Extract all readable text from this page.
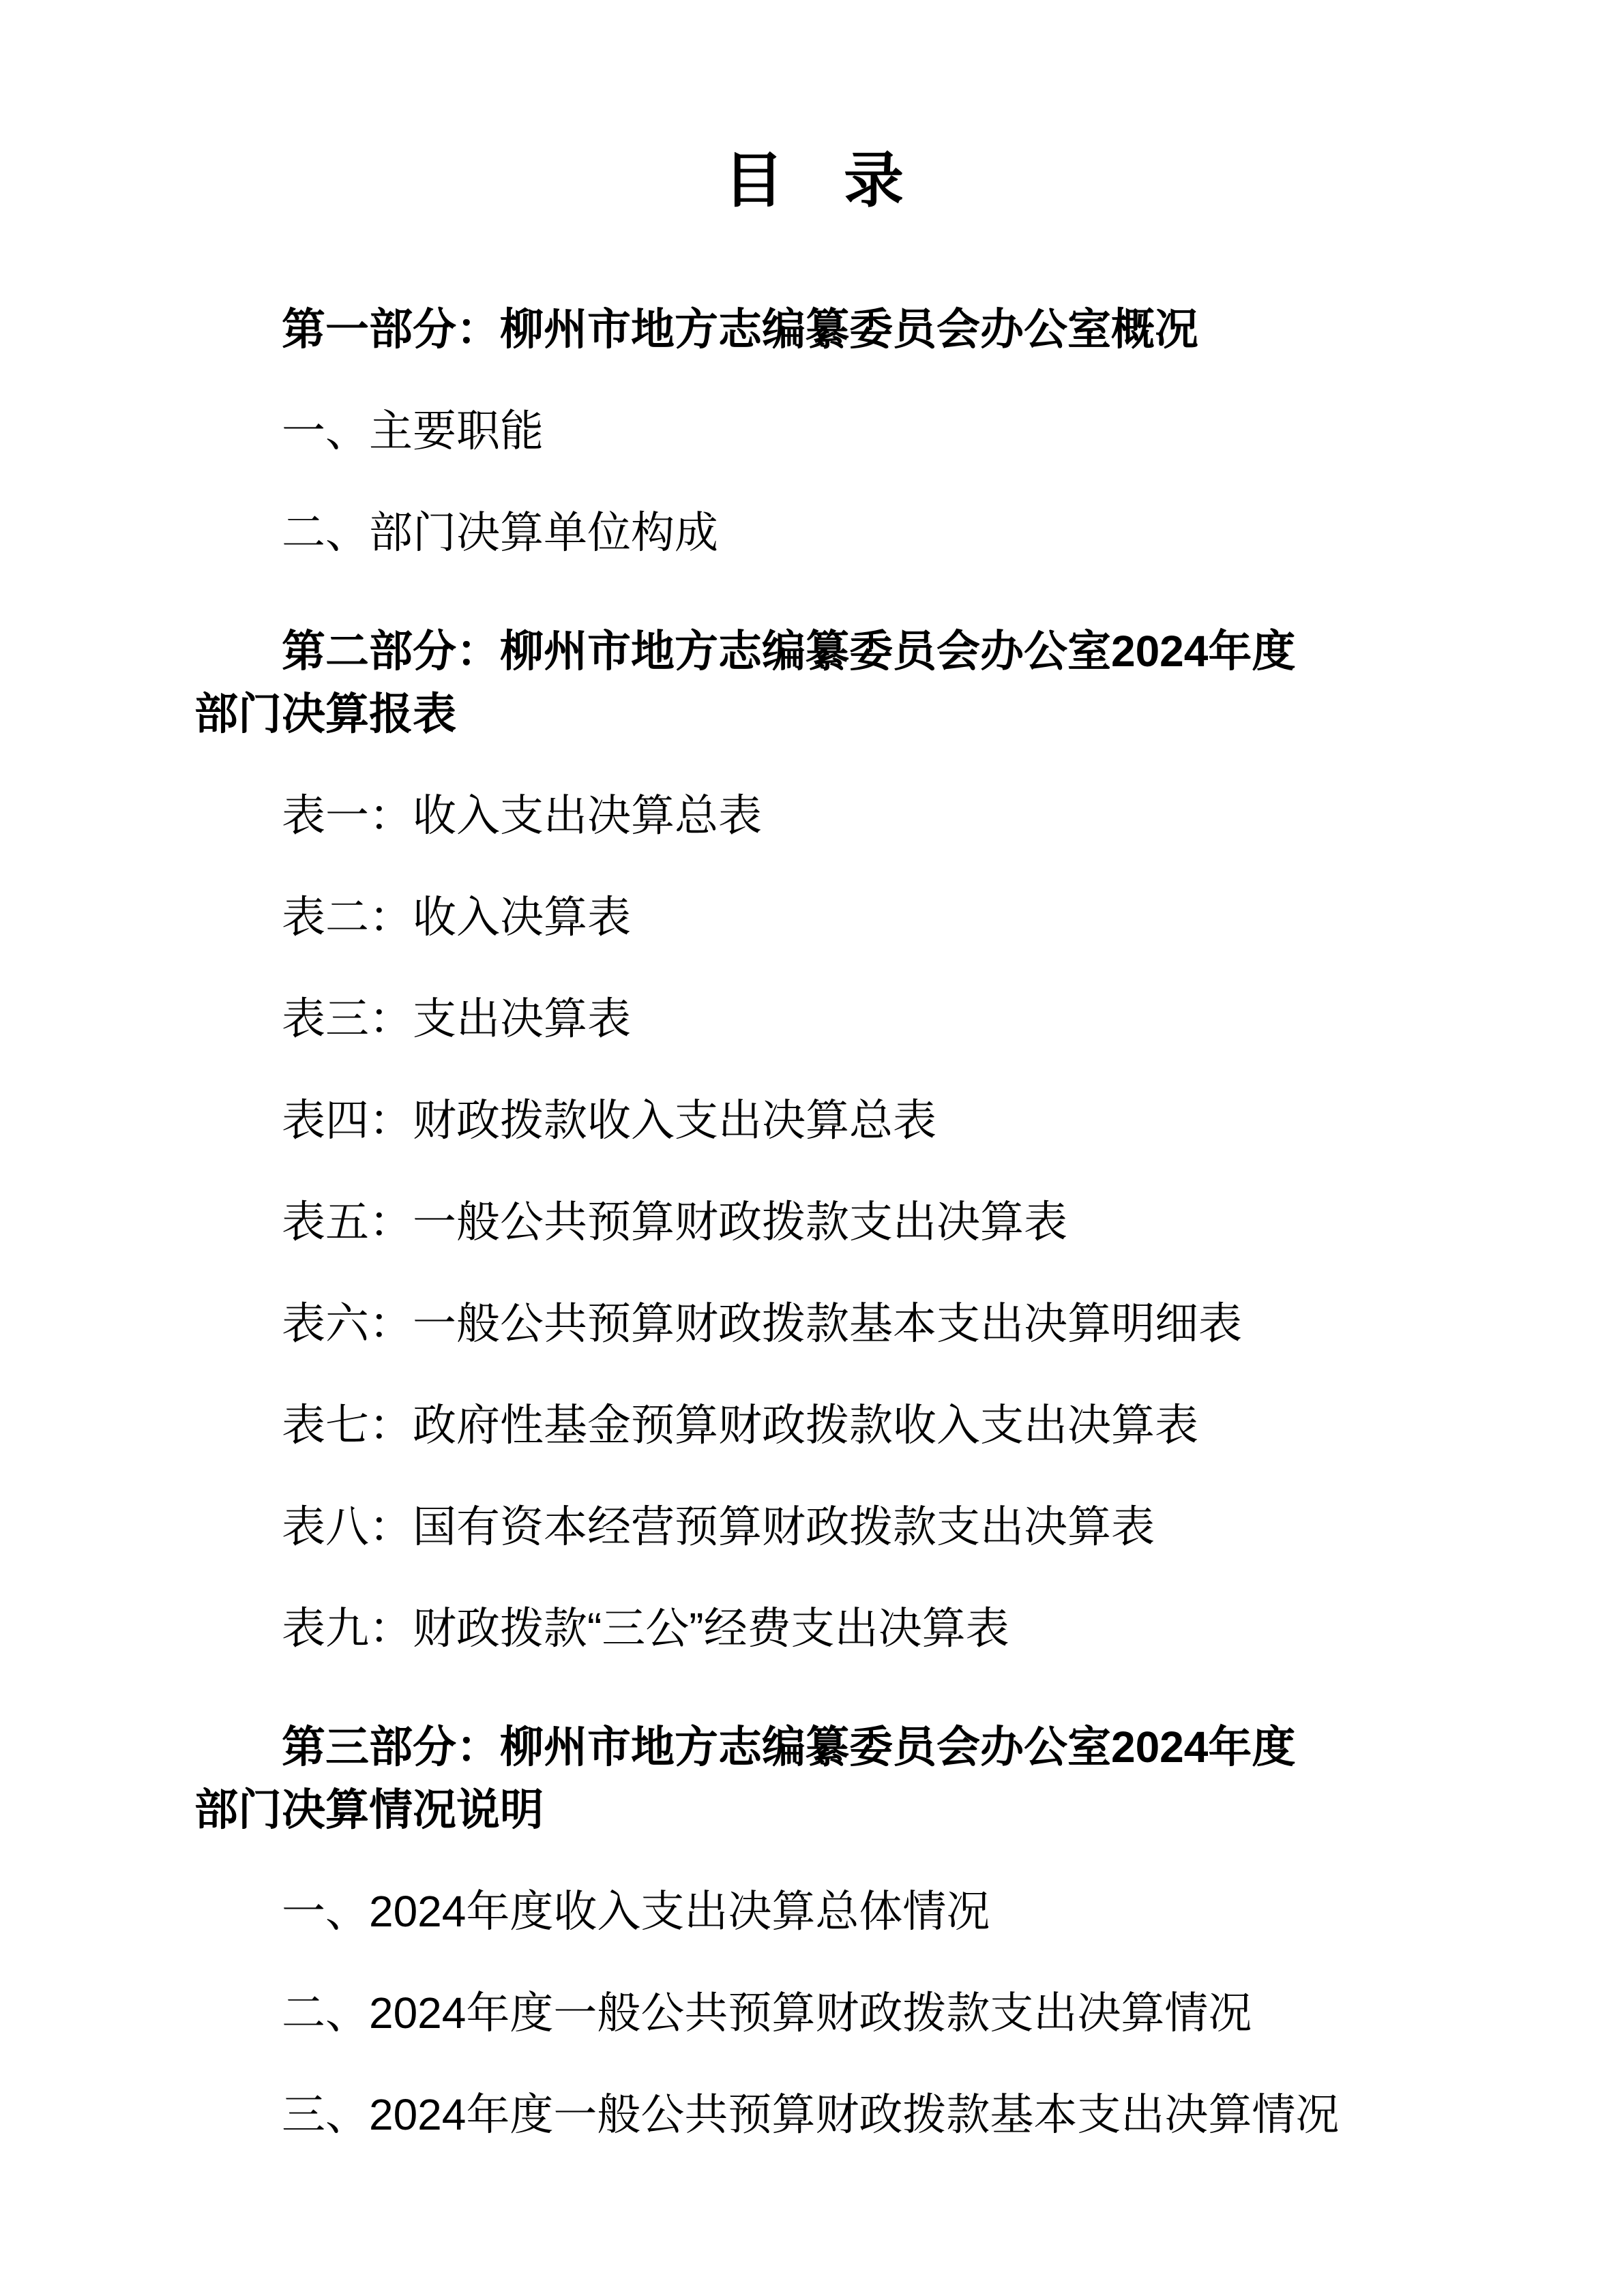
目　录

第一部分：柳州市地方志编纂委员会办公室概况

一、主要职能

二、部门决算单位构成

第二部分：柳州市地方志编纂委员会办公室2024年度
部门决算报表

表一：收入支出决算总表

表二：收入决算表

表三：支出决算表

表四：财政拨款收入支出决算总表

表五：一般公共预算财政拨款支出决算表

表六：一般公共预算财政拨款基本支出决算明细表

表七：政府性基金预算财政拨款收入支出决算表

表八：国有资本经营预算财政拨款支出决算表

表九：财政拨款“三公”经费支出决算表

第三部分：柳州市地方志编纂委员会办公室2024年度
部门决算情况说明

一、2024年度收入支出决算总体情况

二、2024年度一般公共预算财政拨款支出决算情况

三、2024年度一般公共预算财政拨款基本支出决算情况
